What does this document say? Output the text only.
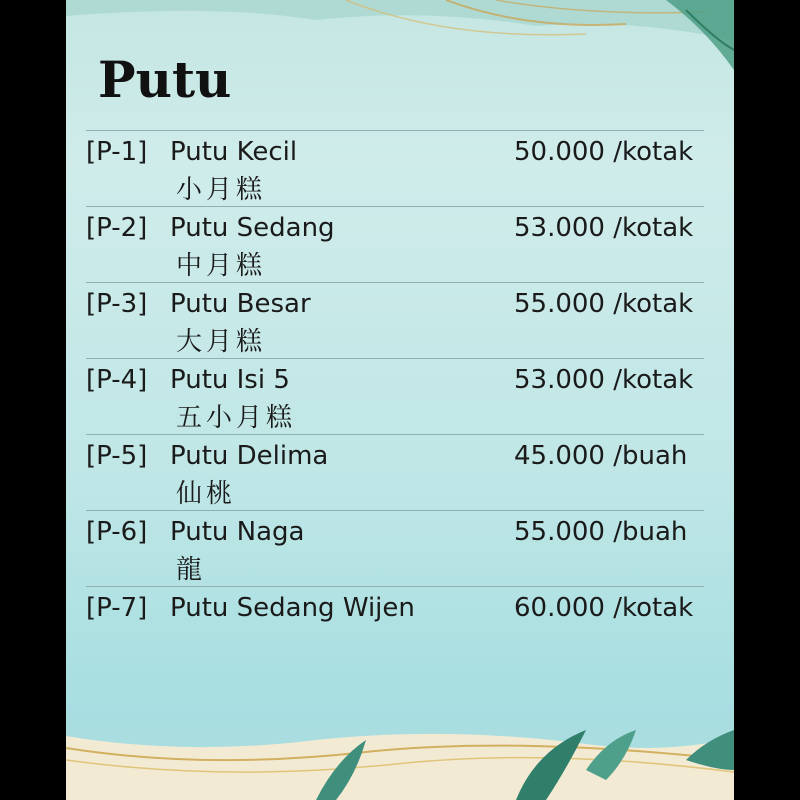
Putu
[P-1] Putu Kecil
小月糕
50.000 /kotak
[P-2] Putu Sedang
中月糕
53.000 /kotak
[P-3] Putu Besar
大月糕
55.000 /kotak
[P-4] Putu Isi 5
五小月糕
53.000 /kotak
[P-5] Putu Delima
仙桃
45.000 /buah
[P-6] Putu Naga
龍
55.000 /buah
[P-7] Putu Sedang Wijen	60.000 /kotak
